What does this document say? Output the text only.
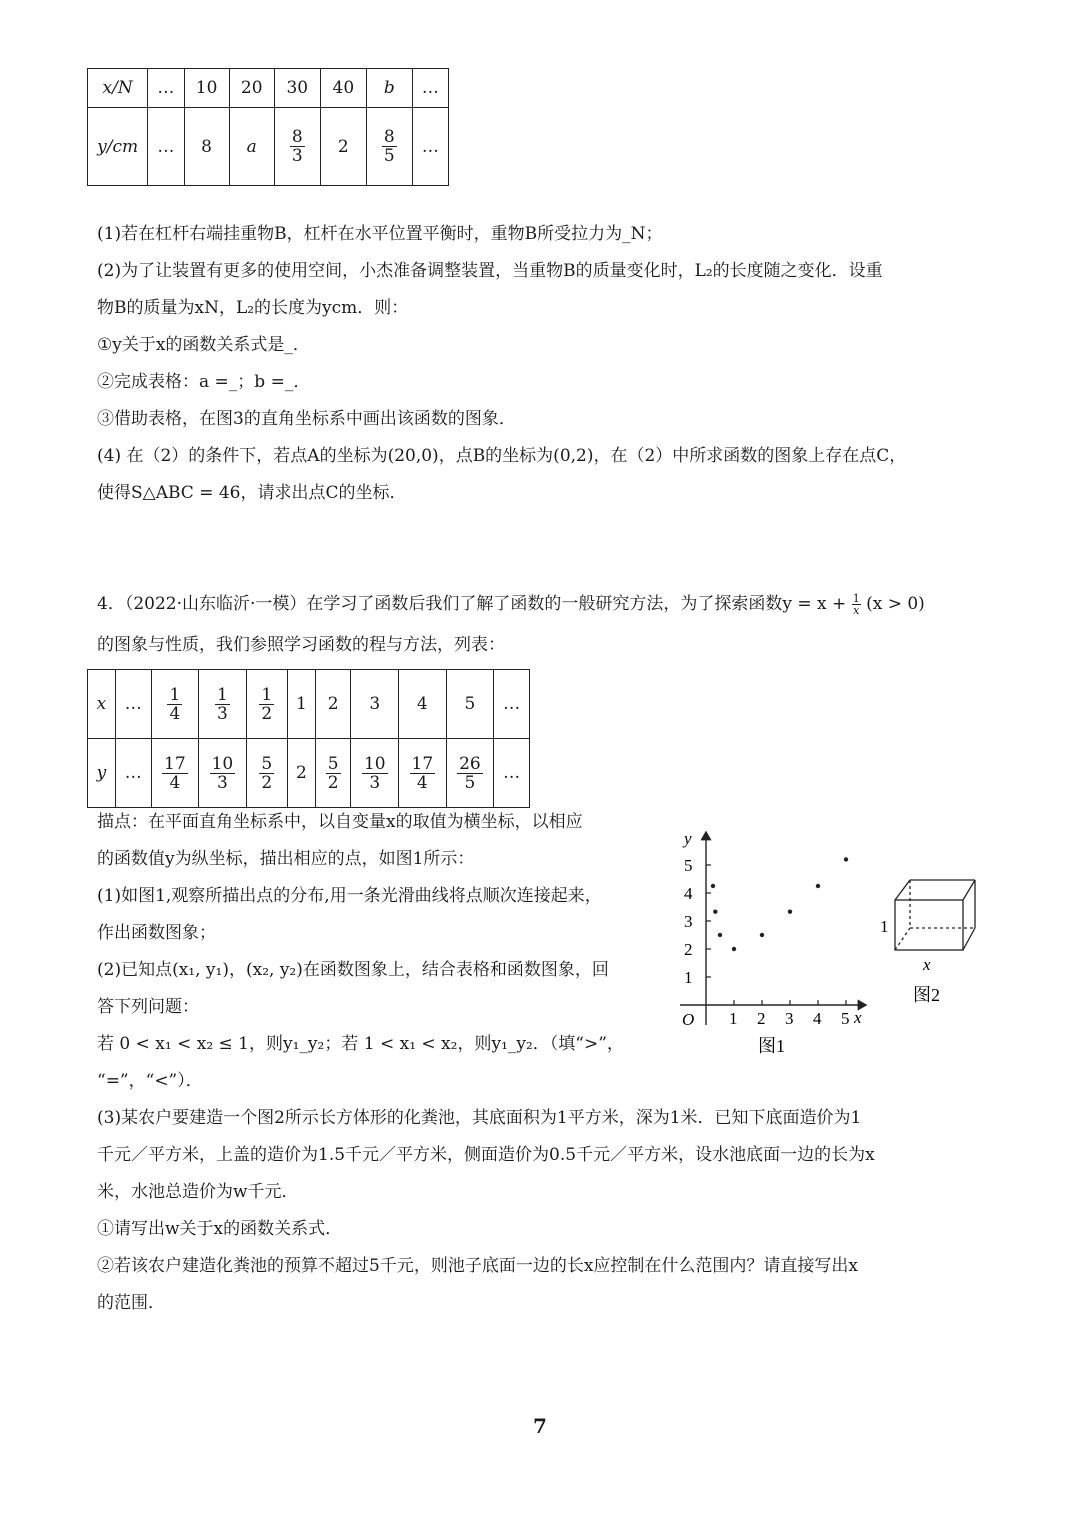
x/N	…	10	20	30	40	b	…
y/cm	…	8	a	$\frac{8}{3}$	2	$\frac{8}{5}$	…
(1)若在杠杆右端挂重物B，杠杆在水平位置平衡时，重物B所受拉力为_N；
(2)为了让装置有更多的使用空间，小杰准备调整装置，当重物B的质量变化时，L₂的长度随之变化．设重
物B的质量为xN，L₂的长度为ycm．则：
①y关于x的函数关系式是_．
②完成表格：a =_；b =_．
③借助表格，在图3的直角坐标系中画出该函数的图象．
(4) 在（2）的条件下，若点A的坐标为(20,0)，点B的坐标为(0,2)，在（2）中所求函数的图象上存在点C，
使得S△ABC = 46，请求出点C的坐标．
4．（2022·山东临沂·一模）在学习了函数后我们了解了函数的一般研究方法，为了探索函数$y = x + \frac{1}{x} (x > 0)$
的图象与性质，我们参照学习函数的程与方法，列表：
x	…	$\frac{1}{4}$	$\frac{1}{3}$	$\frac{1}{2}$	1	2	3	4	5	…
y	…	$\frac{17}{4}$	$\frac{10}{3}$	$\frac{5}{2}$	2	$\frac{5}{2}$	$\frac{10}{3}$	$\frac{17}{4}$	$\frac{26}{5}$	…
描点：在平面直角坐标系中，以自变量x的取值为横坐标，以相应
的函数值y为纵坐标，描出相应的点，如图1所示：
(1)如图1,观察所描出点的分布,用一条光滑曲线将点顺次连接起来，
作出函数图象；
(2)已知点(x₁, y₁)，(x₂, y₂)在函数图象上，结合表格和函数图象，回
答下列问题：
若 0 < x₁ < x₂ ≤ 1，则y₁_y₂；若 1 < x₁ < x₂，则y₁_y₂．（填“>”，
“=”，“<”）．
1 2 3 4 5
1
2
3
4
5
O	x
y
图1
1
x
图2
(3)某农户要建造一个图2所示长方体形的化粪池，其底面积为1平方米，深为1米．已知下底面造价为1
千元／平方米，上盖的造价为1.5千元／平方米，侧面造价为0.5千元／平方米，设水池底面一边的长为x
米，水池总造价为w千元．
①请写出w关于x的函数关系式．
②若该农户建造化粪池的预算不超过5千元，则池子底面一边的长x应控制在什么范围内？请直接写出x
的范围．
7
